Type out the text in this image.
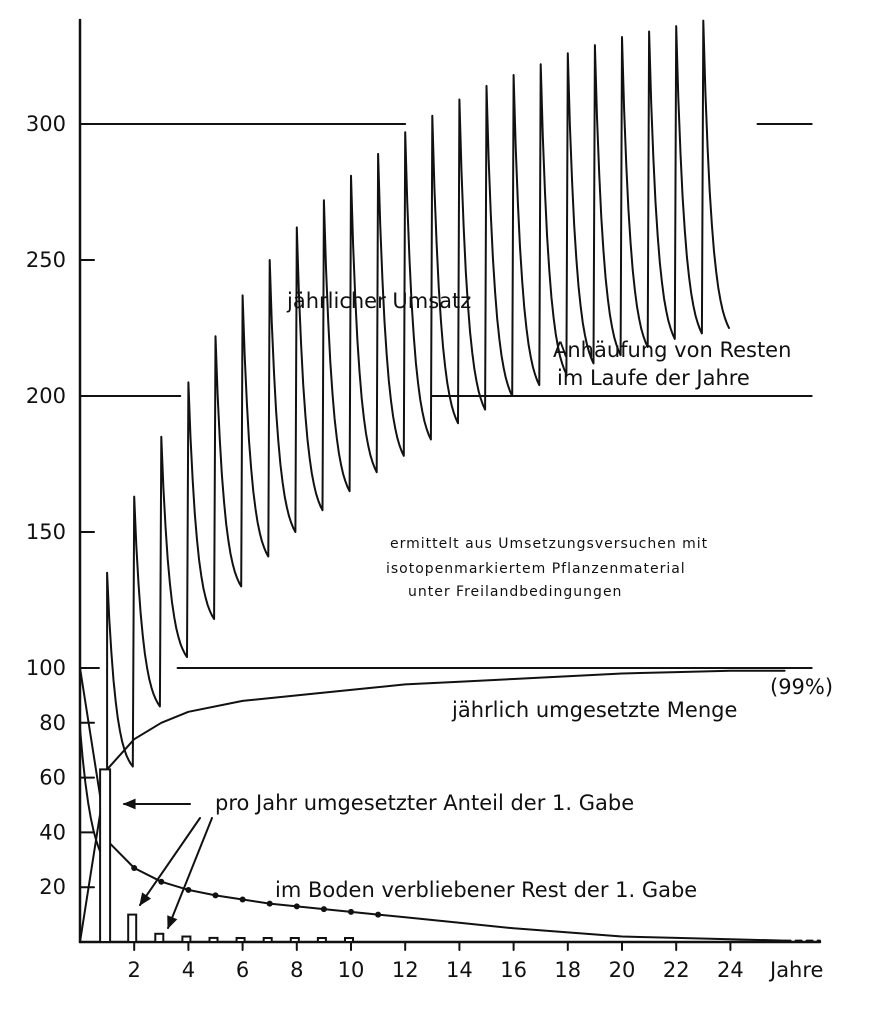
20
40
60
80
100
150
200
250
300
2 4 6 8 10 12 14 16 18 20 22 24
jährlicher Umsatz
Anhäufung von Resten
im Laufe der Jahre
ermittelt aus Umsetzungsversuchen mit
isotopenmarkiertem Pflanzenmaterial
unter Freilandbedingungen
(99%)
jährlich umgesetzte Menge
pro Jahr umgesetzter Anteil der 1. Gabe
im Boden verbliebener Rest der 1. Gabe
Jahre
